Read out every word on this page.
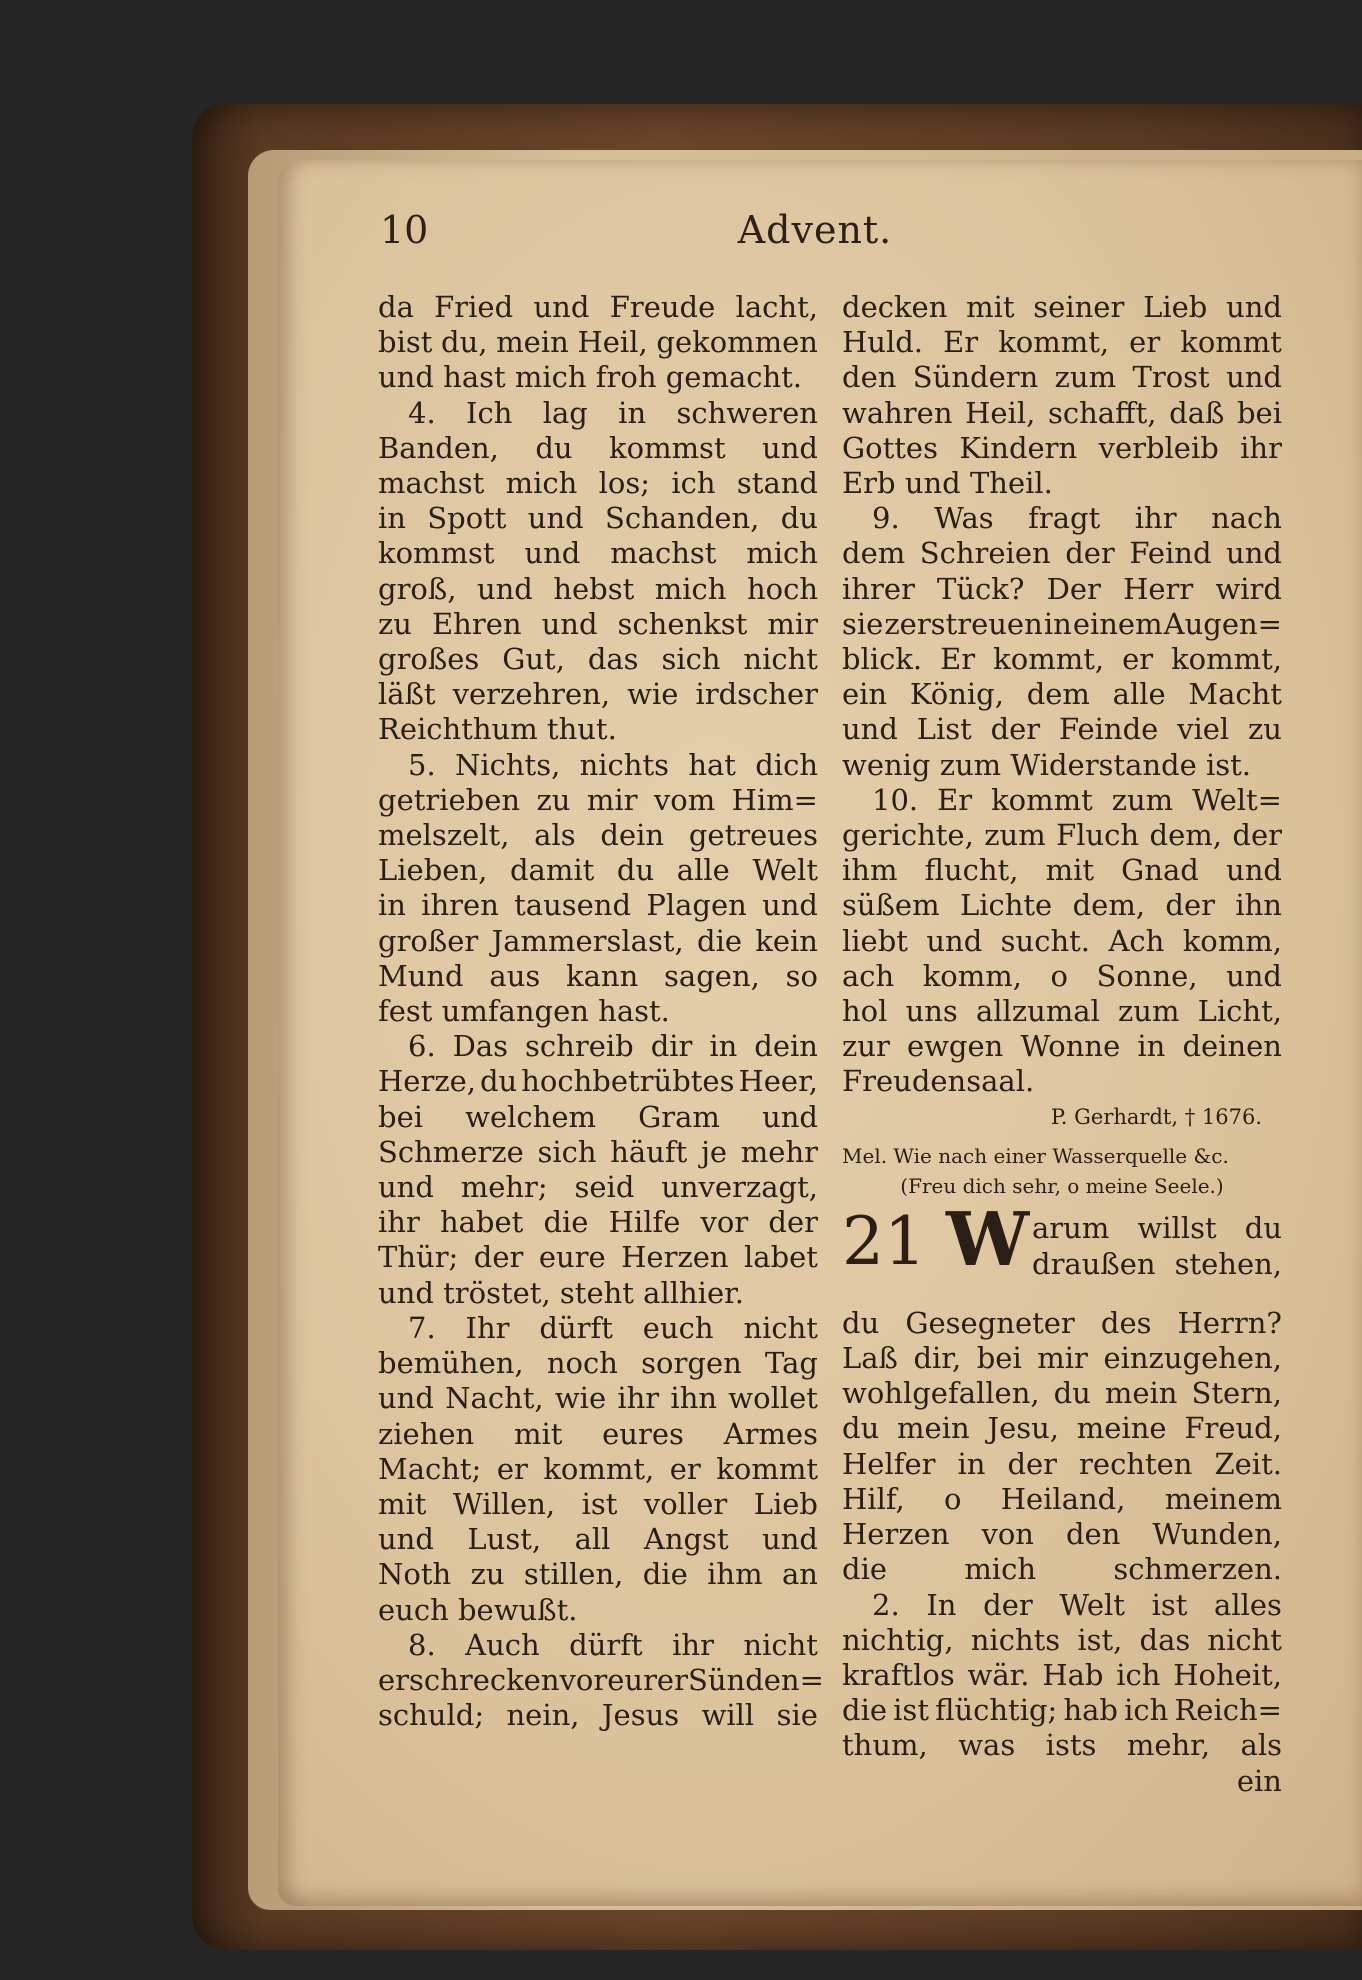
10	Advent.
da Fried und Freude lacht,
bist du, mein Heil, gekommen
und hast mich froh gemacht.
4. Ich lag in schweren
Banden, du kommst und
machst mich los; ich stand
in Spott und Schanden, du
kommst und machst mich
groß, und hebst mich hoch
zu Ehren und schenkst mir
großes Gut, das sich nicht
läßt verzehren, wie irdscher
Reichthum thut.
5. Nichts, nichts hat dich
getrieben zu mir vom Him=
melszelt, als dein getreues
Lieben, damit du alle Welt
in ihren tausend Plagen und
großer Jammerslast, die kein
Mund aus kann sagen, so
fest umfangen hast.
6. Das schreib dir in dein
Herze, du hochbetrübtes Heer,
bei welchem Gram und
Schmerze sich häuft je mehr
und mehr; seid unverzagt,
ihr habet die Hilfe vor der
Thür; der eure Herzen labet
und tröstet, steht allhier.
7. Ihr dürft euch nicht
bemühen, noch sorgen Tag
und Nacht, wie ihr ihn wollet
ziehen mit eures Armes
Macht; er kommt, er kommt
mit Willen, ist voller Lieb
und Lust, all Angst und
Noth zu stillen, die ihm an
euch bewußt.
8. Auch dürft ihr nicht
erschrecken vor eurer Sünden=
schuld; nein, Jesus will sie
decken mit seiner Lieb und
Huld. Er kommt, er kommt
den Sündern zum Trost und
wahren Heil, schafft, daß bei
Gottes Kindern verbleib ihr
Erb und Theil.
9. Was fragt ihr nach
dem Schreien der Feind und
ihrer Tück? Der Herr wird
sie zerstreuen in einem Augen=
blick. Er kommt, er kommt,
ein König, dem alle Macht
und List der Feinde viel zu
wenig zum Widerstande ist.
10. Er kommt zum Welt=
gerichte, zum Fluch dem, der
ihm flucht, mit Gnad und
süßem Lichte dem, der ihn
liebt und sucht. Ach komm,
ach komm, o Sonne, und
hol uns allzumal zum Licht,
zur ewgen Wonne in deinen
Freudensaal.
P. Gerhardt, † 1676.
Mel. Wie nach einer Wasserquelle &c.
(Freu dich sehr, o meine Seele.)
21 W arum willst du
draußen stehen,
du Gesegneter des Herrn?
Laß dir, bei mir einzugehen,
wohlgefallen, du mein Stern,
du mein Jesu, meine Freud,
Helfer in der rechten Zeit.
Hilf, o Heiland, meinem
Herzen von den Wunden,
die	mich	schmerzen.
2. In der Welt ist alles
nichtig, nichts ist, das nicht
kraftlos wär. Hab ich Hoheit,
die ist flüchtig; hab ich Reich=
thum, was ists mehr, als
ein
